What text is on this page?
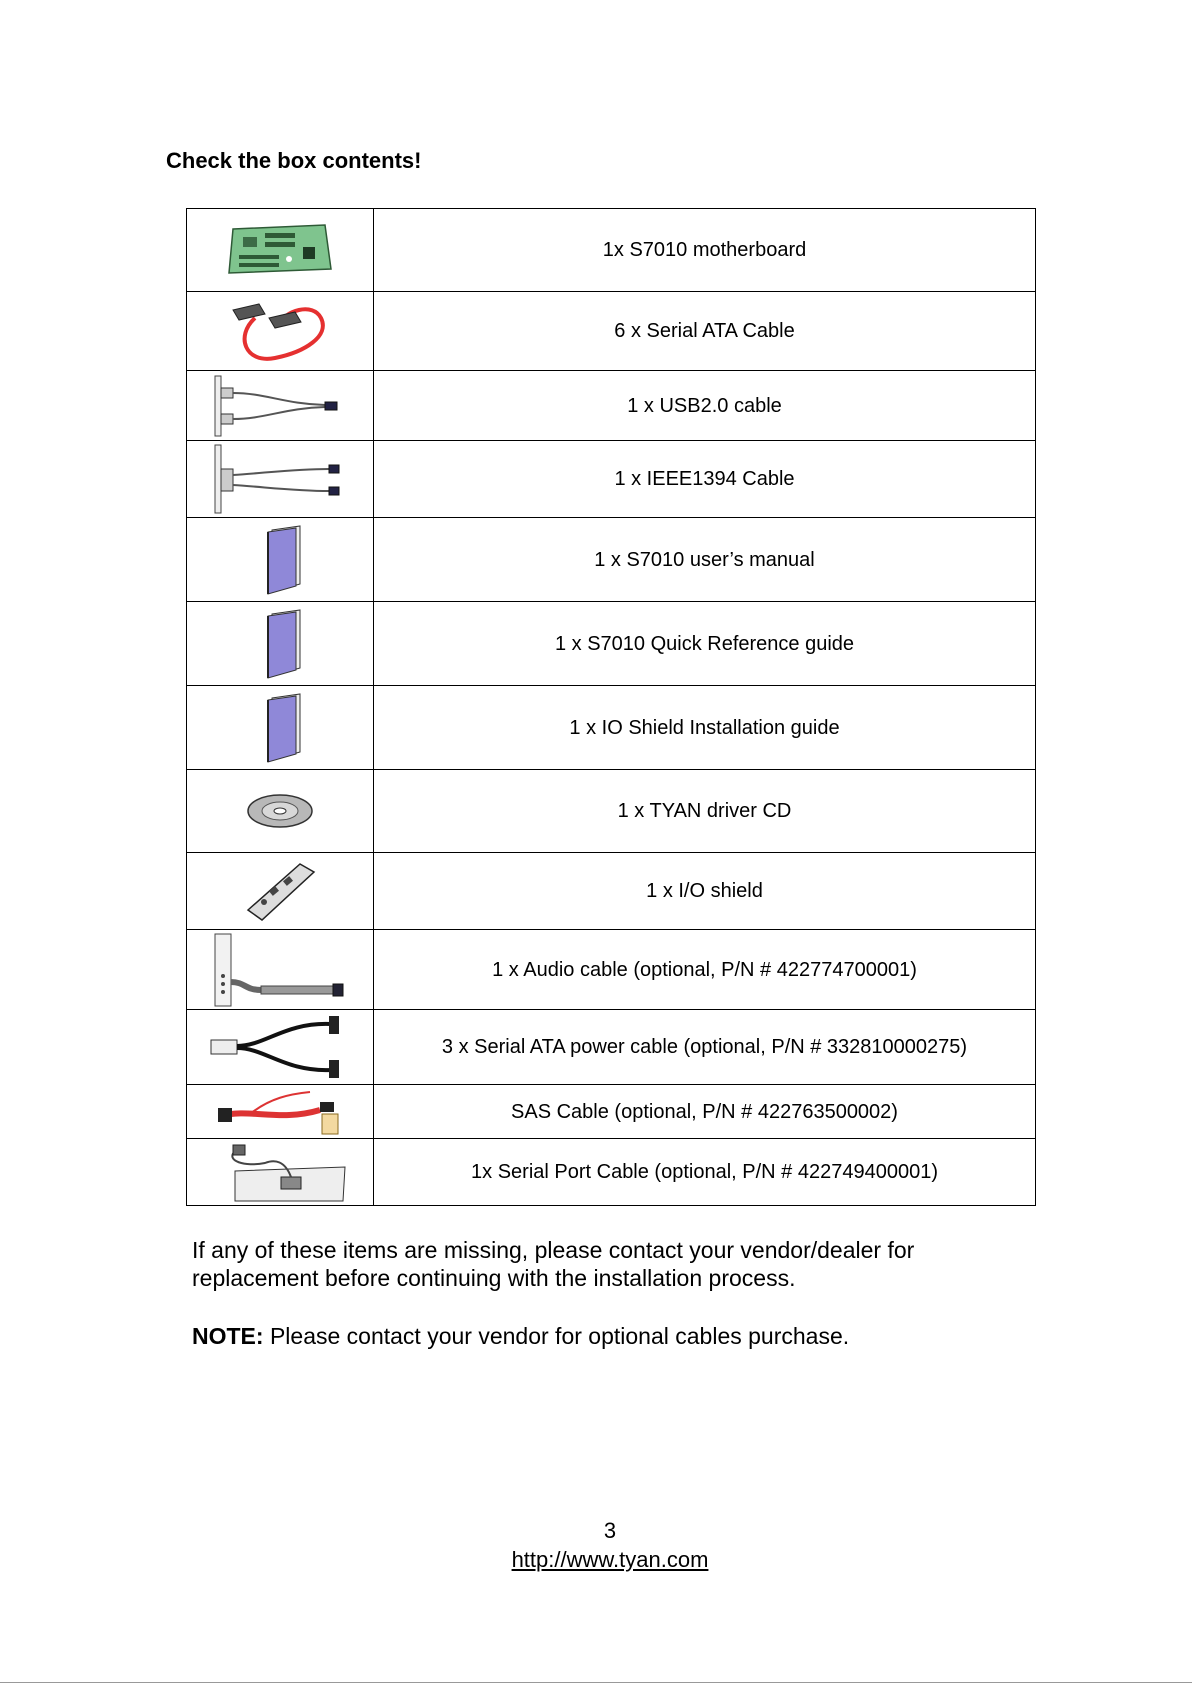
Check the box contents!
	1x S7010 motherboard

	6 x Serial ATA Cable

	1 x USB2.0 cable

	1 x IEEE1394 Cable

	1 x S7010 user’s manual

	1 x S7010 Quick Reference guide

	1 x IO Shield Installation guide

	1 x TYAN driver CD

	1 x I/O shield

	1 x Audio cable (optional, P/N # 422774700001)

	3 x Serial ATA power cable (optional, P/N # 332810000275)

	SAS Cable (optional, P/N # 422763500002)

	1x Serial Port Cable (optional, P/N # 422749400001)

If any of these items are missing, please contact your vendor/dealer for replacement before continuing with the installation process.

NOTE: Please contact your vendor for optional cables purchase.

3
http://www.tyan.com
